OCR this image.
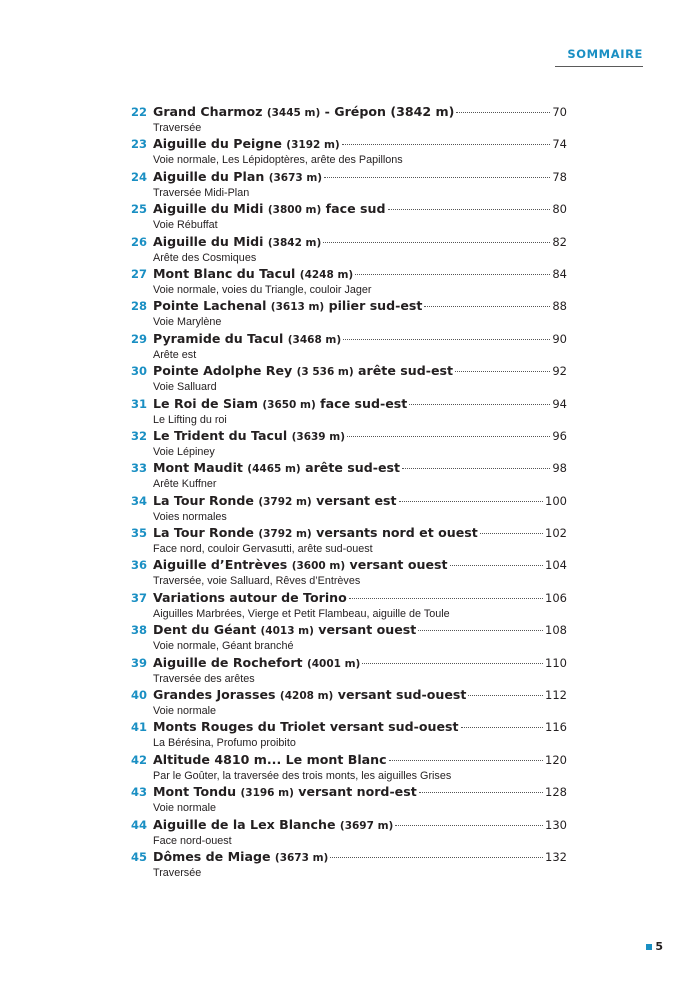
SOMMAIRE
22 Grand Charmoz (3445 m) - Grépon (3842 m)	70
Traversée
23 Aiguille du Peigne (3192 m)	74
Voie normale, Les Lépidoptères, arête des Papillons
24 Aiguille du Plan (3673 m)	78
Traversée Midi-Plan
25 Aiguille du Midi (3800 m) face sud	80
Voie Rébuffat
26 Aiguille du Midi (3842 m)	82
Arête des Cosmiques
27 Mont Blanc du Tacul (4248 m)	84
Voie normale, voies du Triangle, couloir Jager
28 Pointe Lachenal (3613 m) pilier sud-est	88
Voie Marylène
29 Pyramide du Tacul (3468 m)	90
Arête est
30 Pointe Adolphe Rey (3 536 m) arête sud-est	92
Voie Salluard
31 Le Roi de Siam (3650 m) face sud-est	94
Le Lifting du roi
32 Le Trident du Tacul (3639 m)	96
Voie Lépiney
33 Mont Maudit (4465 m) arête sud-est	98
Arête Kuffner
34 La Tour Ronde (3792 m) versant est	100
Voies normales
35 La Tour Ronde (3792 m) versants nord et ouest	102
Face nord, couloir Gervasutti, arête sud-ouest
36 Aiguille d’Entrèves (3600 m) versant ouest	104
Traversée, voie Salluard, Rêves d’Entrèves
37 Variations autour de Torino	106
Aiguilles Marbrées, Vierge et Petit Flambeau, aiguille de Toule
38 Dent du Géant (4013 m) versant ouest	108
Voie normale, Géant branché
39 Aiguille de Rochefort (4001 m)	110
Traversée des arêtes
40 Grandes Jorasses (4208 m) versant sud-ouest	112
Voie normale
41 Monts Rouges du Triolet versant sud-ouest	116
La Bérésina, Profumo proibito
42 Altitude 4810 m... Le mont Blanc	120
Par le Goûter, la traversée des trois monts, les aiguilles Grises
43 Mont Tondu (3196 m) versant nord-est	128
Voie normale
44 Aiguille de la Lex Blanche (3697 m)	130
Face nord-ouest
45 Dômes de Miage (3673 m)	132
Traversée
5
